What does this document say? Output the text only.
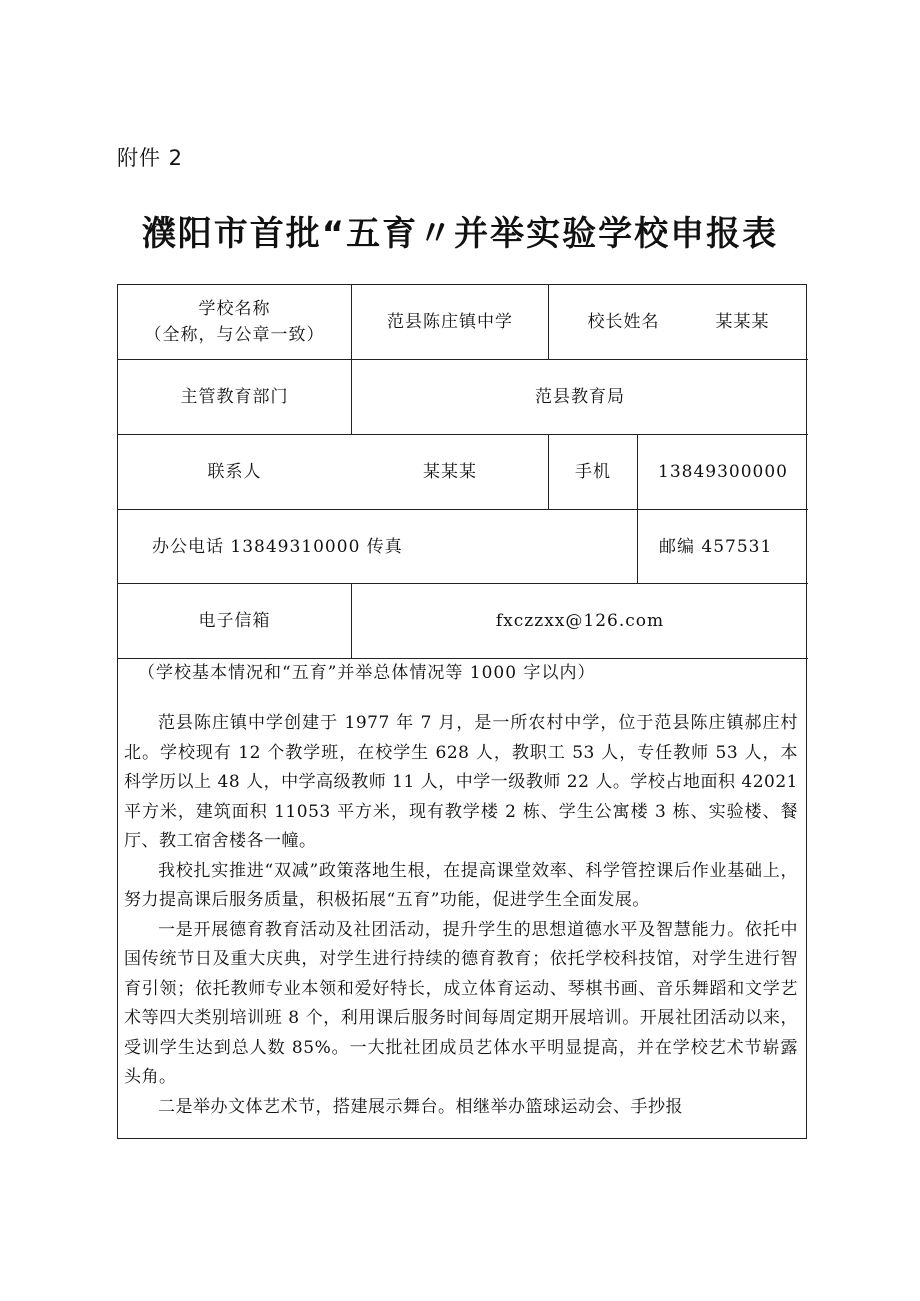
附件 2
濮阳市首批“五育〃并举实验学校申报表
学校名称
（全称，与公章一致）
范县陈庄镇中学	校长姓名	某某某
主管教育部门	范县教育局
联系人	某某某	手机	13849300000
办公电话 13849310000 传真	邮编 457531
电子信箱	fxczzxx@126.com
（学校基本情况和“五育”并举总体情况等 1000 字以内）

范县陈庄镇中学创建于 1977 年 7 月，是一所农村中学，位于范县陈庄镇郝庄村北。学校现有 12 个教学班，在校学生 628 人，教职工 53 人，专任教师 53 人，本科学历以上 48 人，中学高级教师 11 人，中学一级教师 22 人。学校占地面积 42021 平方米，建筑面积 11053 平方米，现有教学楼 2 栋、学生公寓楼 3 栋、实验楼、餐厅、教工宿舍楼各一幢。

我校扎实推进“双减”政策落地生根，在提高课堂效率、科学管控课后作业基础上，努力提高课后服务质量，积极拓展“五育”功能，促进学生全面发展。

一是开展德育教育活动及社团活动，提升学生的思想道德水平及智慧能力。依托中国传统节日及重大庆典，对学生进行持续的德育教育；依托学校科技馆，对学生进行智育引领；依托教师专业本领和爱好特长，成立体育运动、琴棋书画、音乐舞蹈和文学艺术等四大类别培训班 8 个，利用课后服务时间每周定期开展培训。开展社团活动以来，受训学生达到总人数 85%。一大批社团成员艺体水平明显提高，并在学校艺术节崭露头角。

二是举办文体艺术节，搭建展示舞台。相继举办篮球运动会、手抄报
